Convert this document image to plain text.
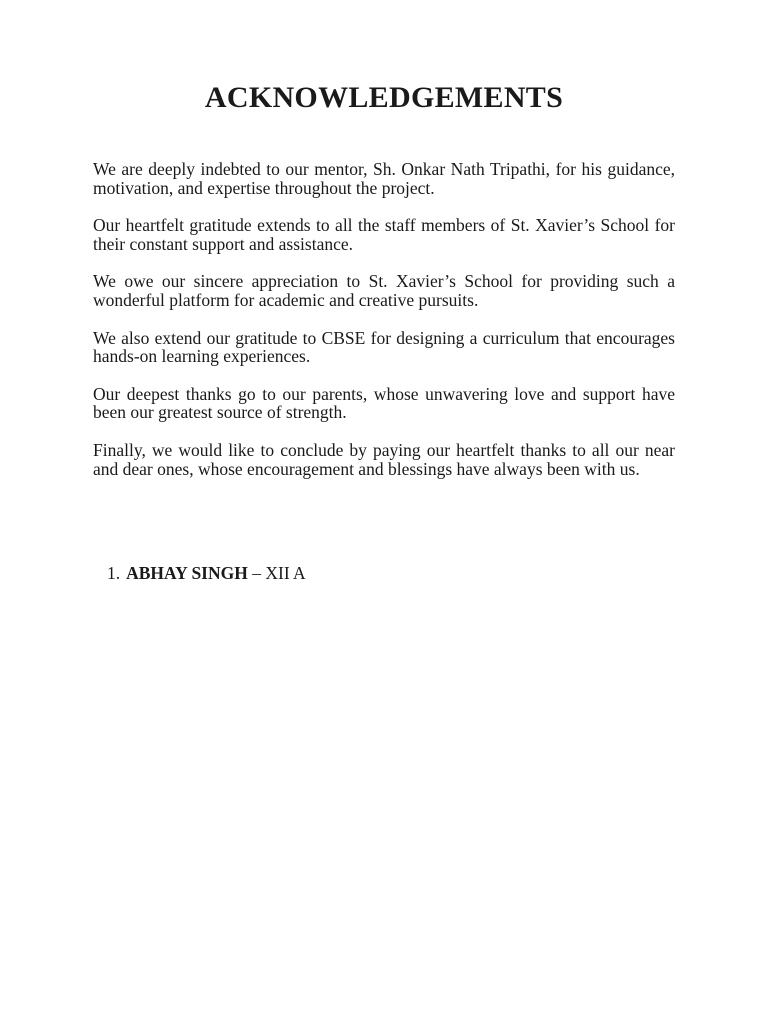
ACKNOWLEDGEMENTS

We are deeply indebted to our mentor, Sh. Onkar Nath Tripathi, for his guidance, motivation, and expertise throughout the project.

Our heartfelt gratitude extends to all the staff members of St. Xavier’s School for their constant support and assistance.

We owe our sincere appreciation to St. Xavier’s School for providing such a wonderful platform for academic and creative pursuits.

We also extend our gratitude to CBSE for designing a curriculum that encourages hands-on learning experiences.

Our deepest thanks go to our parents, whose unwavering love and support have been our greatest source of strength.

Finally, we would like to conclude by paying our heartfelt thanks to all our near and dear ones, whose encouragement and blessings have always been with us.

1. ABHAY SINGH – XII A
